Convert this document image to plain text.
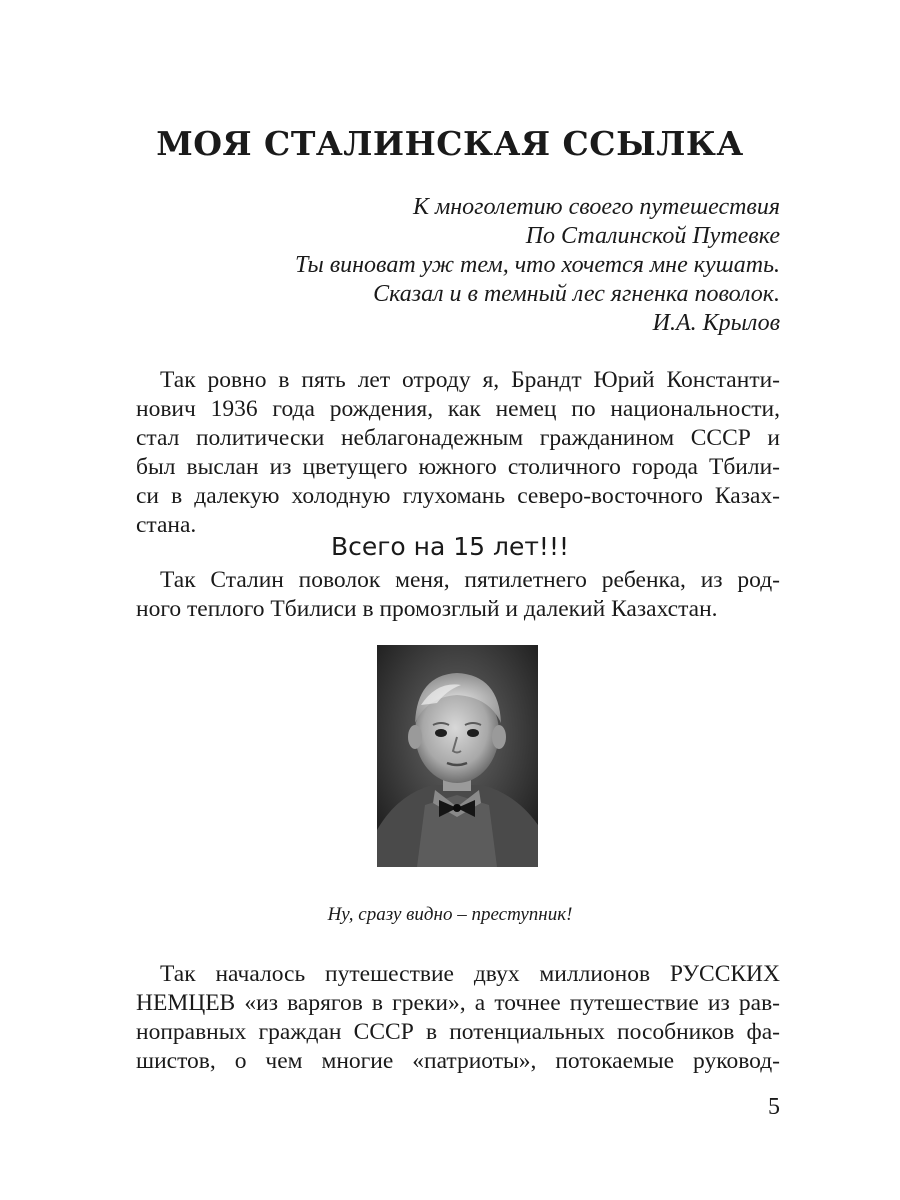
МОЯ СТАЛИНСКАЯ ССЫЛКА
К многолетию своего путешествия
По Сталинской Путевке
Ты виноват уж тем, что хочется мне кушать.
Сказал и в темный лес ягненка поволок.
И.А. Крылов

Так ровно в пять лет отроду я, Брандт Юрий Константи-
нович 1936 года рождения, как немец по национальности,
стал политически неблагонадежным гражданином СССР и
был выслан из цветущего южного столичного города Тбили-
си в далекую холодную глухомань северо-восточного Казах-
стана.

Всего на 15 лет!!!

Так Сталин поволок меня, пятилетнего ребенка, из род-
ного теплого Тбилиси в промозглый и далекий Казахстан.

Ну, сразу видно – преступник!

Так началось путешествие двух миллионов РУССКИХ
НЕМЦЕВ «из варягов в греки», а точнее путешествие из рав-
ноправных граждан СССР в потенциальных пособников фа-
шистов, о чем многие «патриоты», потокаемые руковод-

5
